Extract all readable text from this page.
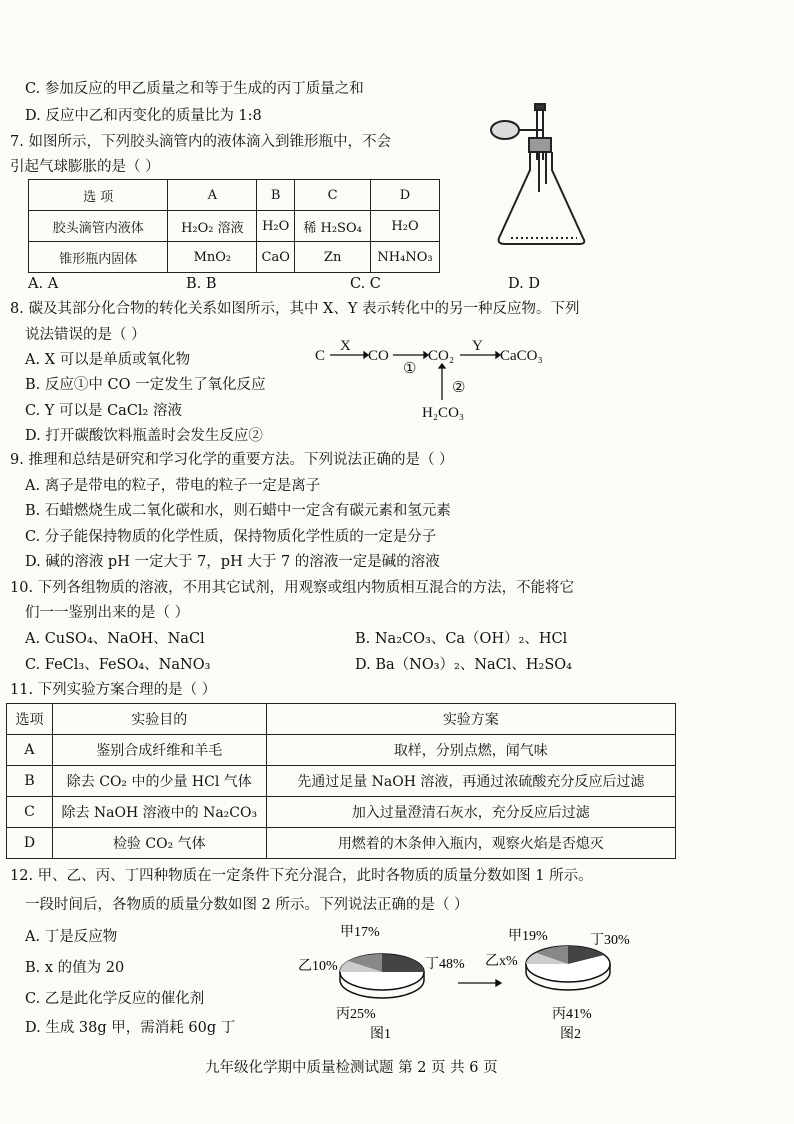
C. 参加反应的甲乙质量之和等于生成的丙丁质量之和
D. 反应中乙和丙变化的质量比为 1:8
7. 如图所示，下列胶头滴管内的液体滴入到锥形瓶中，不会
引起气球膨胀的是（ ）
选 项	A	B	C	D
胶头滴管内液体	H₂O₂ 溶液	H₂O	稀 H₂SO₄	H₂O
锥形瓶内固体	MnO₂	CaO	Zn	NH₄NO₃
A. A	B. B	C. C	D. D
8. 碳及其部分化合物的转化关系如图所示，其中 X、Y 表示转化中的另一种反应物。下列
说法错误的是（ ）
A. X 可以是单质或氧化物
B. 反应①中 CO 一定发生了氧化反应
C. Y 可以是 CaCl₂ 溶液
D. 打开碳酸饮料瓶盖时会发生反应②
C
X
CO
①
CO₂
Y
CaCO₃
②
H₂CO₃
9. 推理和总结是研究和学习化学的重要方法。下列说法正确的是（ ）
A. 离子是带电的粒子，带电的粒子一定是离子
B. 石蜡燃烧生成二氧化碳和水，则石蜡中一定含有碳元素和氢元素
C. 分子能保持物质的化学性质，保持物质化学性质的一定是分子
D. 碱的溶液 pH 一定大于 7，pH 大于 7 的溶液一定是碱的溶液
10. 下列各组物质的溶液，不用其它试剂，用观察或组内物质相互混合的方法，不能将它
们一一鉴别出来的是（ ）
A. CuSO₄、NaOH、NaCl	B. Na₂CO₃、Ca（OH）₂、HCl
C. FeCl₃、FeSO₄、NaNO₃	D. Ba（NO₃）₂、NaCl、H₂SO₄
11. 下列实验方案合理的是（ ）
选项	实验目的	实验方案
A	鉴别合成纤维和羊毛	取样，分别点燃，闻气味
B	除去 CO₂ 中的少量 HCl 气体	先通过足量 NaOH 溶液，再通过浓硫酸充分反应后过滤
C	除去 NaOH 溶液中的 Na₂CO₃	加入过量澄清石灰水，充分反应后过滤
D	检验 CO₂ 气体	用燃着的木条伸入瓶内，观察火焰是否熄灭
12. 甲、乙、丙、丁四种物质在一定条件下充分混合，此时各物质的质量分数如图 1 所示。
一段时间后，各物质的质量分数如图 2 所示。下列说法正确的是（ ）
A. 丁是反应物
B. x 的值为 20
C. 乙是此化学反应的催化剂
D. 生成 38g 甲，需消耗 60g 丁
甲17%
乙10%	丁48%
丙25%
图1
甲19%
乙x%
丁30%
丙41%
图2
九年级化学期中质量检测试题 第 2 页 共 6 页
